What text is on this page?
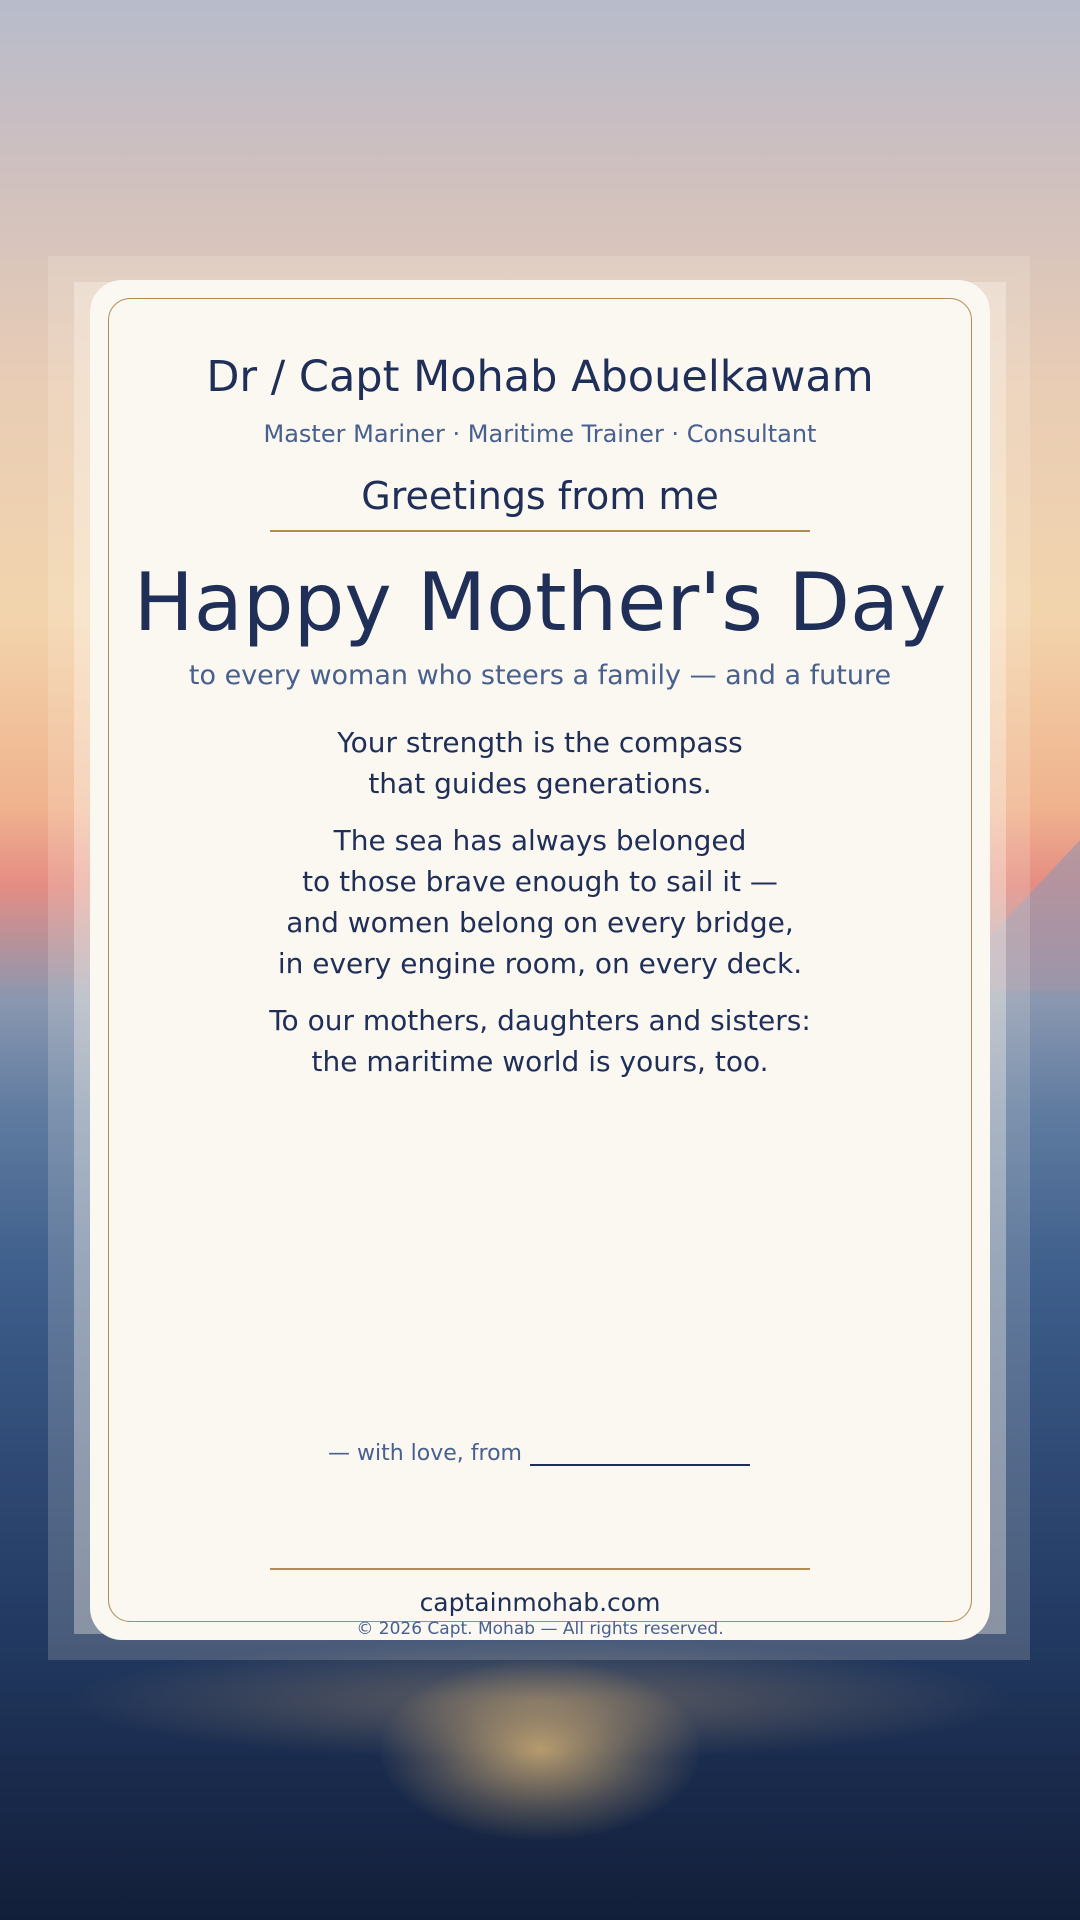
Dr / Capt Mohab Abouelkawam
Master Mariner · Maritime Trainer · Consultant
Greetings from me
Happy Mother's Day
to every woman who steers a family — and a future
Your strength is the compass
that guides generations.
The sea has always belonged
to those brave enough to sail it —
and women belong on every bridge,
in every engine room, on every deck.
To our mothers, daughters and sisters:
the maritime world is yours, too.
— with love, from
captainmohab.com
© 2026 Capt. Mohab — All rights reserved.
